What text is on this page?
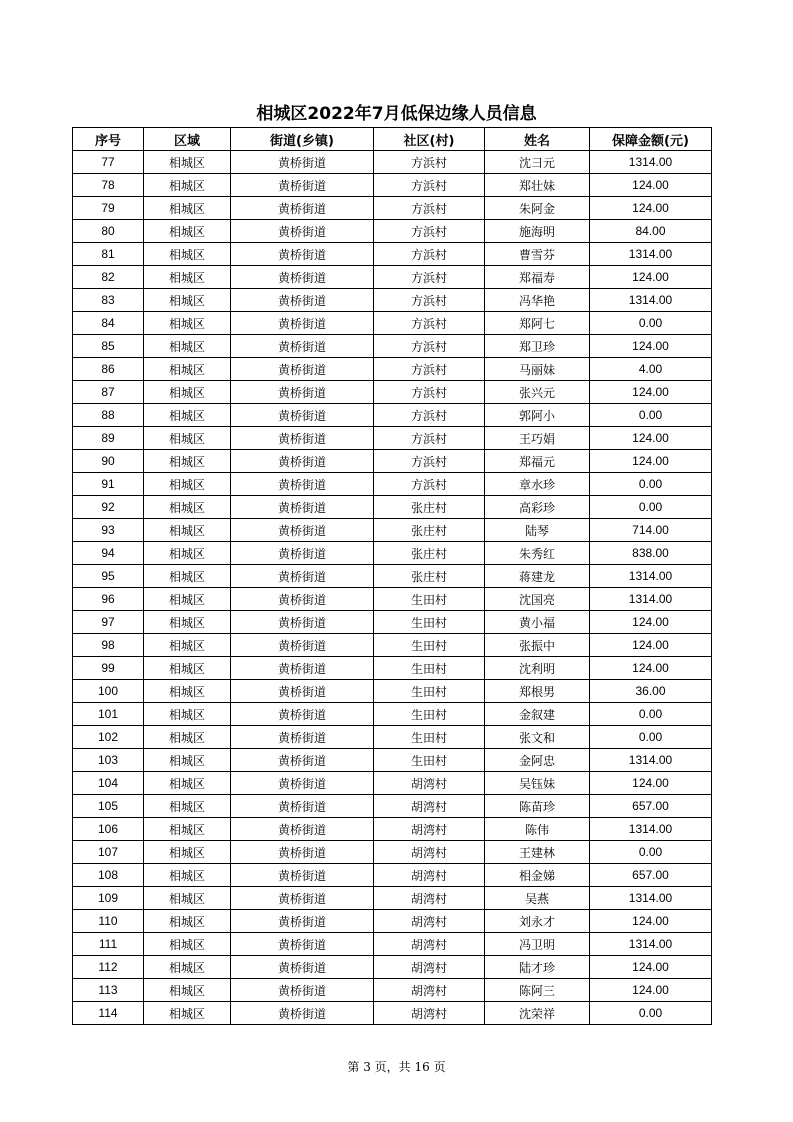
相城区2022年7月低保边缘人员信息
序号	区域	街道(乡镇)	社区(村)	姓名	保障金额(元)
77	相城区	黄桥街道	方浜村	沈彐元	1314.00
78	相城区	黄桥街道	方浜村	郑壮妹	124.00
79	相城区	黄桥街道	方浜村	朱阿金	124.00
80	相城区	黄桥街道	方浜村	施海明	84.00
81	相城区	黄桥街道	方浜村	曹雪芬	1314.00
82	相城区	黄桥街道	方浜村	郑福寿	124.00
83	相城区	黄桥街道	方浜村	冯华艳	1314.00
84	相城区	黄桥街道	方浜村	郑阿七	0.00
85	相城区	黄桥街道	方浜村	郑卫珍	124.00
86	相城区	黄桥街道	方浜村	马丽妹	4.00
87	相城区	黄桥街道	方浜村	张兴元	124.00
88	相城区	黄桥街道	方浜村	郭阿小	0.00
89	相城区	黄桥街道	方浜村	王巧娟	124.00
90	相城区	黄桥街道	方浜村	郑福元	124.00
91	相城区	黄桥街道	方浜村	章水珍	0.00
92	相城区	黄桥街道	张庄村	高彩珍	0.00
93	相城区	黄桥街道	张庄村	陆琴	714.00
94	相城区	黄桥街道	张庄村	朱秀红	838.00
95	相城区	黄桥街道	张庄村	蒋建龙	1314.00
96	相城区	黄桥街道	生田村	沈国亮	1314.00
97	相城区	黄桥街道	生田村	黄小福	124.00
98	相城区	黄桥街道	生田村	张振中	124.00
99	相城区	黄桥街道	生田村	沈利明	124.00
100	相城区	黄桥街道	生田村	郑根男	36.00
101	相城区	黄桥街道	生田村	金叙建	0.00
102	相城区	黄桥街道	生田村	张文和	0.00
103	相城区	黄桥街道	生田村	金阿忠	1314.00
104	相城区	黄桥街道	胡湾村	吴钰妹	124.00
105	相城区	黄桥街道	胡湾村	陈苗珍	657.00
106	相城区	黄桥街道	胡湾村	陈伟	1314.00
107	相城区	黄桥街道	胡湾村	王建林	0.00
108	相城区	黄桥街道	胡湾村	相金娣	657.00
109	相城区	黄桥街道	胡湾村	吴燕	1314.00
110	相城区	黄桥街道	胡湾村	刘永才	124.00
111	相城区	黄桥街道	胡湾村	冯卫明	1314.00
112	相城区	黄桥街道	胡湾村	陆才珍	124.00
113	相城区	黄桥街道	胡湾村	陈阿三	124.00
114	相城区	黄桥街道	胡湾村	沈荣祥	0.00
第 3 页，共 16 页
